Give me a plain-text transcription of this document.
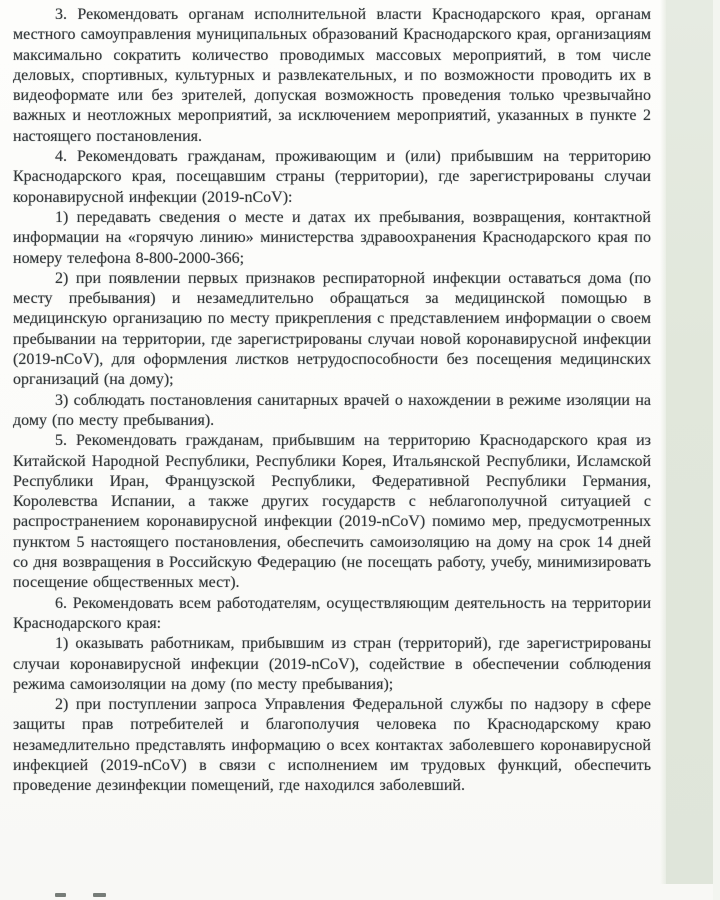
3. Рекомендовать органам исполнительной власти Краснодарского края, органам местного самоуправления муниципальных образований Краснодарского края, организациям максимально сократить количество проводимых массовых мероприятий, в том числе деловых, спортивных, культурных и развлекательных, и по возможности проводить их в видеоформате или без зрителей, допуская возможность проведения только чрезвычайно важных и неотложных мероприятий, за исключением мероприятий, указанных в пункте 2 настоящего постановления.

4. Рекомендовать гражданам, проживающим и (или) прибывшим на территорию Краснодарского края, посещавшим страны (территории), где зарегистрированы случаи коронавирусной инфекции (2019-nCoV):

1) передавать сведения о месте и датах их пребывания, возвращения, контактной информации на «горячую линию» министерства здравоохранения Краснодарского края по номеру телефона 8-800-2000-366;

2) при появлении первых признаков респираторной инфекции оставаться дома (по месту пребывания) и незамедлительно обращаться за медицинской помощью в медицинскую организацию по месту прикрепления с представлением информации о своем пребывании на территории, где зарегистрированы случаи новой коронавирусной инфекции (2019-nCoV), для оформления листков нетрудоспособности без посещения медицинских организаций (на дому);

3) соблюдать постановления санитарных врачей о нахождении в режиме изоляции на дому (по месту пребывания).

5. Рекомендовать гражданам, прибывшим на территорию Краснодарского края из Китайской Народной Республики, Республики Корея, Итальянской Республики, Исламской Республики Иран, Французской Республики, Федеративной Республики Германия, Королевства Испании, а также других государств с неблагополучной ситуацией с распространением коронавирусной инфекции (2019-nCoV) помимо мер, предусмотренных пунктом 5 настоящего постановления, обеспечить самоизоляцию на дому на срок 14 дней со дня возвращения в Российскую Федерацию (не посещать работу, учебу, минимизировать посещение общественных мест).

6. Рекомендовать всем работодателям, осуществляющим деятельность на территории Краснодарского края:

1) оказывать работникам, прибывшим из стран (территорий), где зарегистрированы случаи коронавирусной инфекции (2019-nCoV), содействие в обеспечении соблюдения режима самоизоляции на дому (по месту пребывания);

2) при поступлении запроса Управления Федеральной службы по надзору в сфере защиты прав потребителей и благополучия человека по Краснодарскому краю незамедлительно представлять информацию о всех контактах заболевшего коронавирусной инфекцией (2019-nCoV) в связи с исполнением им трудовых функций, обеспечить проведение дезинфекции помещений, где находился заболевший.
